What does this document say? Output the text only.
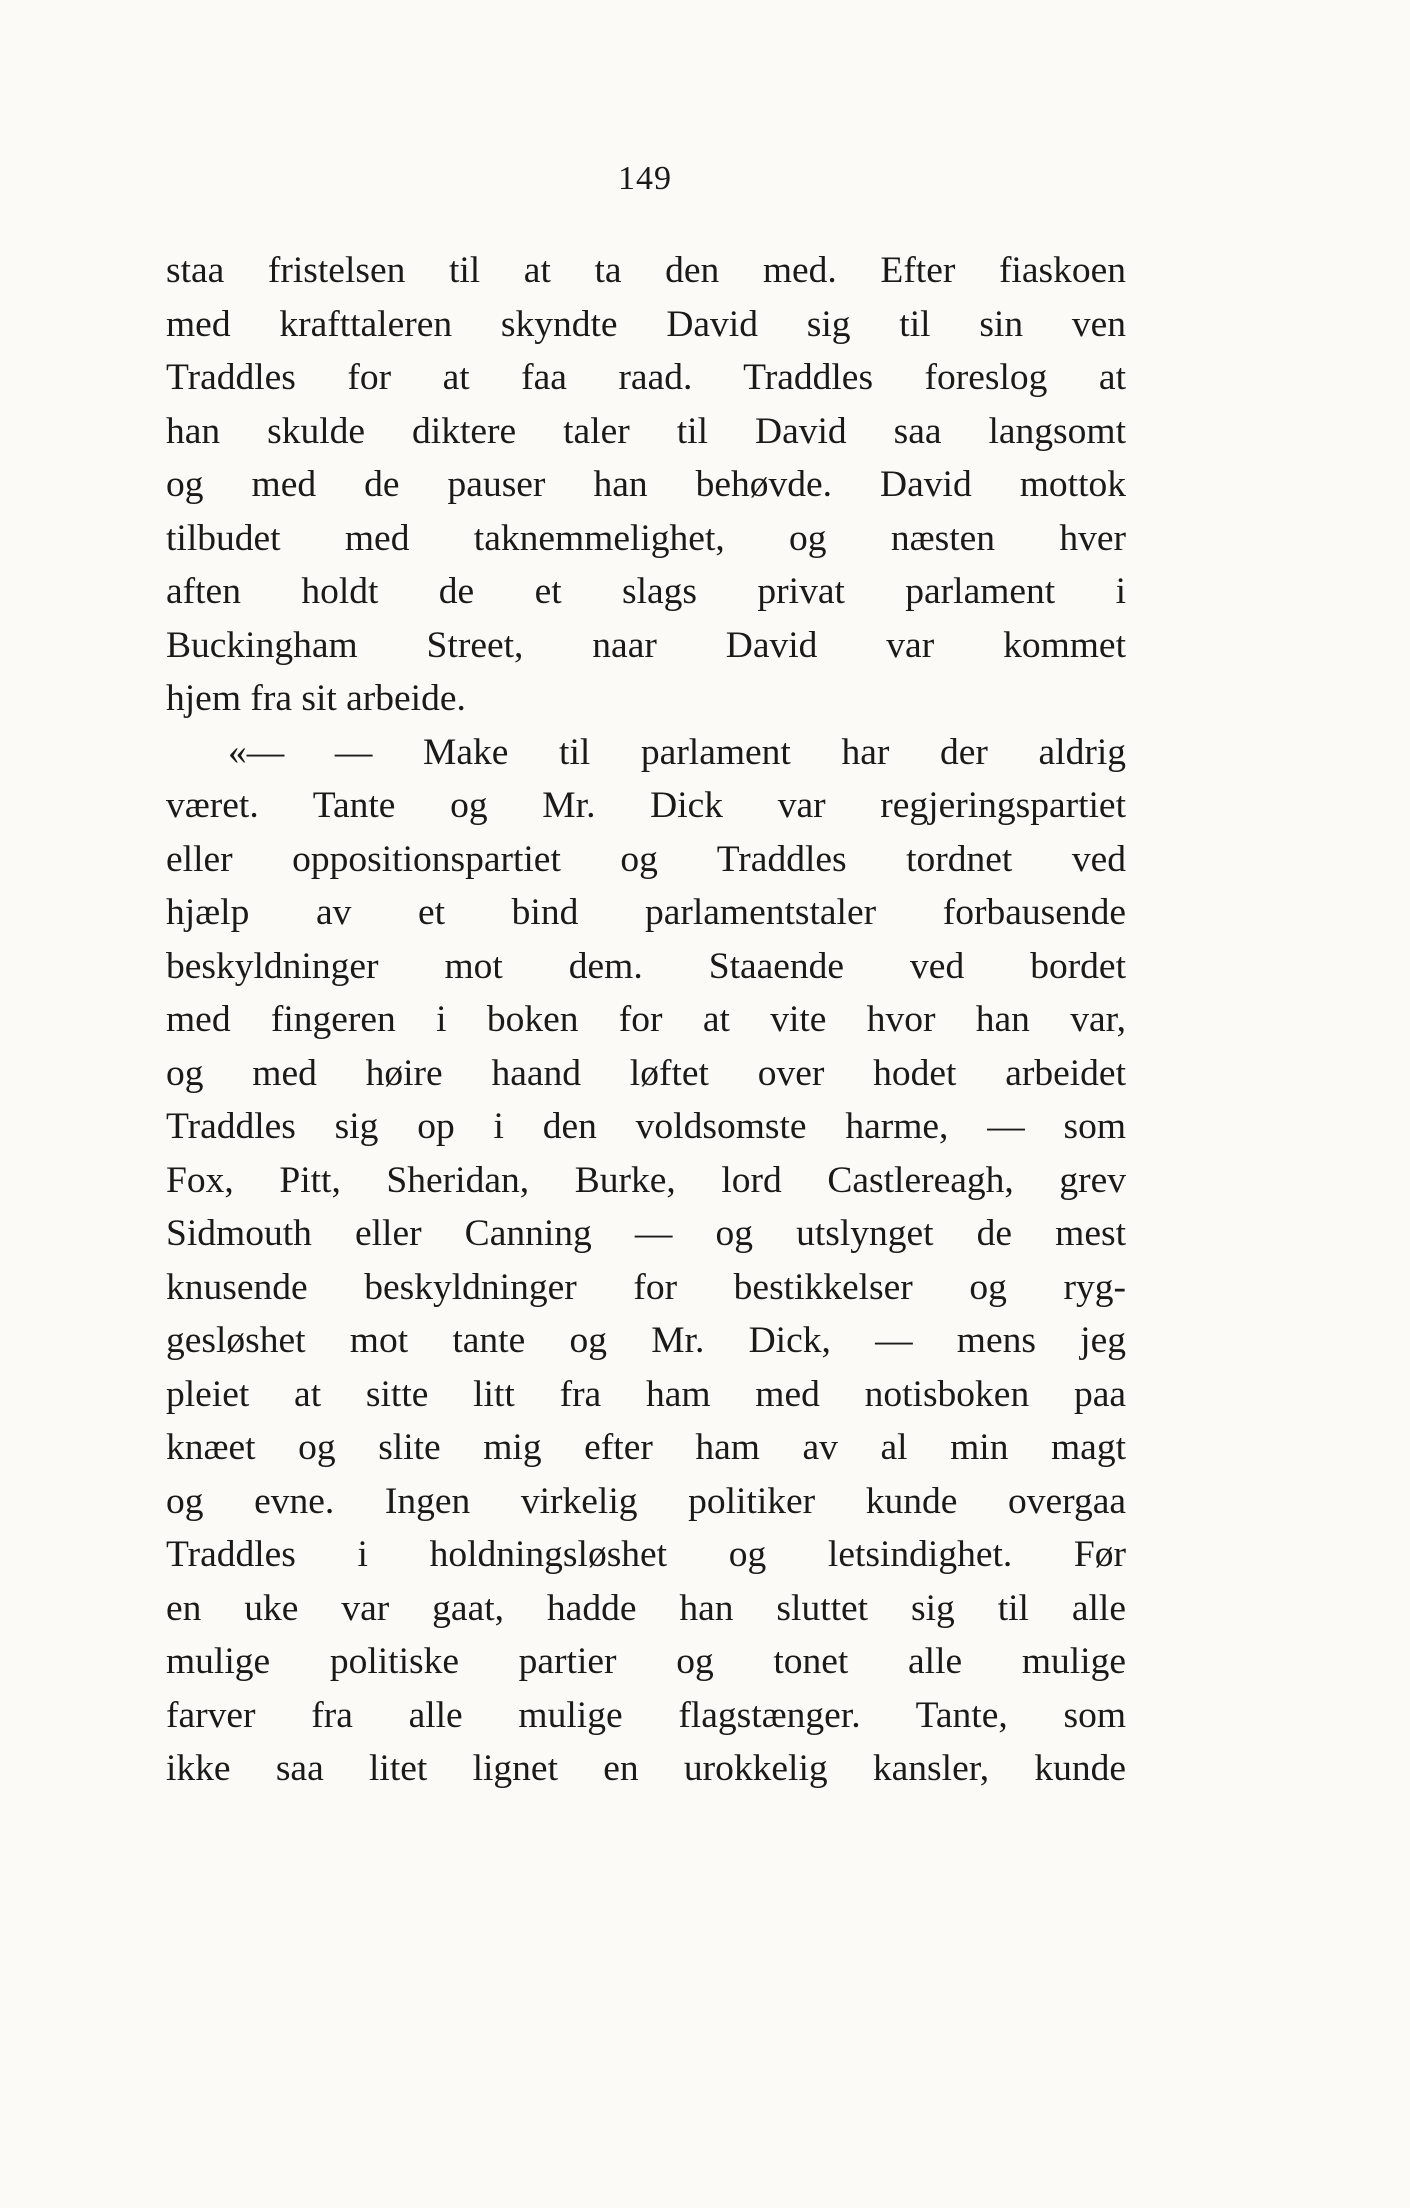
149
staa fristelsen til at ta den med. Efter fiaskoen
med krafttaleren skyndte David sig til sin ven
Traddles for at faa raad. Traddles foreslog at
han skulde diktere taler til David saa langsomt
og med de pauser han behøvde. David mottok
tilbudet med taknemmelighet, og næsten hver
aften holdt de et slags privat parlament i
Buckingham Street, naar David var kommet
hjem fra sit arbeide.
«— — Make til parlament har der aldrig
været. Tante og Mr. Dick var regjeringspartiet
eller oppositionspartiet og Traddles tordnet ved
hjælp av et bind parlamentstaler forbausende
beskyldninger mot dem. Staaende ved bordet
med fingeren i boken for at vite hvor han var,
og med høire haand løftet over hodet arbeidet
Traddles sig op i den voldsomste harme, — som
Fox, Pitt, Sheridan, Burke, lord Castlereagh, grev
Sidmouth eller Canning — og utslynget de mest
knusende beskyldninger for bestikkelser og ryg-
gesløshet mot tante og Mr. Dick, — mens jeg
pleiet at sitte litt fra ham med notisboken paa
knæet og slite mig efter ham av al min magt
og evne. Ingen virkelig politiker kunde overgaa
Traddles i holdningsløshet og letsindighet. Før
en uke var gaat, hadde han sluttet sig til alle
mulige politiske partier og tonet alle mulige
farver fra alle mulige flagstænger. Tante, som
ikke saa litet lignet en urokkelig kansler, kunde
